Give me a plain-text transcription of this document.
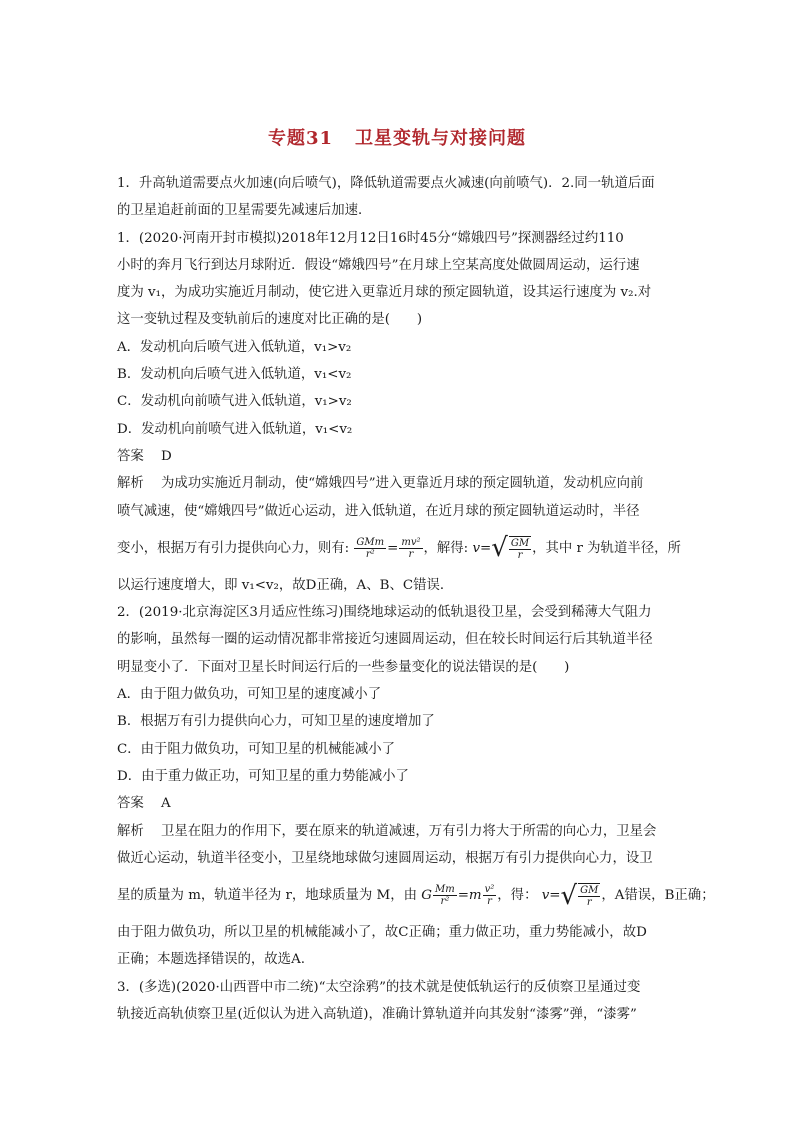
专题31 卫星变轨与对接问题
1．升高轨道需要点火加速(向后喷气)，降低轨道需要点火减速(向前喷气)．2.同一轨道后面
的卫星追赶前面的卫星需要先减速后加速．
1．(2020·河南开封市模拟)2018年12月12日16时45分“嫦娥四号”探测器经过约110
小时的奔月飞行到达月球附近．假设“嫦娥四号”在月球上空某高度处做圆周运动，运行速
度为 v₁，为成功实施近月制动，使它进入更靠近月球的预定圆轨道，设其运行速度为 v₂.对
这一变轨过程及变轨前后的速度对比正确的是(　　)
A．发动机向后喷气进入低轨道，v₁>v₂
B．发动机向后喷气进入低轨道，v₁<v₂
C．发动机向前喷气进入低轨道，v₁>v₂
D．发动机向前喷气进入低轨道，v₁<v₂
答案 D
解析 为成功实施近月制动，使“嫦娥四号”进入更靠近月球的预定圆轨道，发动机应向前
喷气减速，使“嫦娥四号”做近心运动，进入低轨道，在近月球的预定圆轨道运动时，半径
变小，根据万有引力提供向心力，则有: $\frac{\text{GMm}}{\text{r²}} = \frac{\text{mv²}}{r}$ ，解得: $v=√ \frac{GM}{r}$ ，其中 r 为轨道半径，所
以运行速度增大，即 v₁<v₂，故D正确，A、B、C错误．
2．(2019·北京海淀区3月适应性练习)围绕地球运动的低轨退役卫星，会受到稀薄大气阻力
的影响，虽然每一圈的运动情况都非常接近匀速圆周运动，但在较长时间运行后其轨道半径
明显变小了．下面对卫星长时间运行后的一些参量变化的说法错误的是(　　)
A．由于阻力做负功，可知卫星的速度减小了
B．根据万有引力提供向心力，可知卫星的速度增加了
C．由于阻力做负功，可知卫星的机械能减小了
D．由于重力做正功，可知卫星的重力势能减小了
答案 A
解析 卫星在阻力的作用下，要在原来的轨道减速，万有引力将大于所需的向心力，卫星会
做近心运动，轨道半径变小，卫星绕地球做匀速圆周运动，根据万有引力提供向心力，设卫
星的质量为 m，轨道半径为 r，地球质量为 M，由 G $\frac{Mm}{\text{r²}} =m \frac{\text{v²}}{r}$ ，得： $v=√ \frac{GM}{r}$ ，A错误，B正确；
由于阻力做负功，所以卫星的机械能减小了，故C正确；重力做正功，重力势能减小，故D
正确；本题选择错误的，故选A.
3．(多选)(2020·山西晋中市二统)“太空涂鸦”的技术就是使低轨运行的反侦察卫星通过变
轨接近高轨侦察卫星(近似认为进入高轨道)，准确计算轨道并向其发射“漆雾”弹，“漆雾”
